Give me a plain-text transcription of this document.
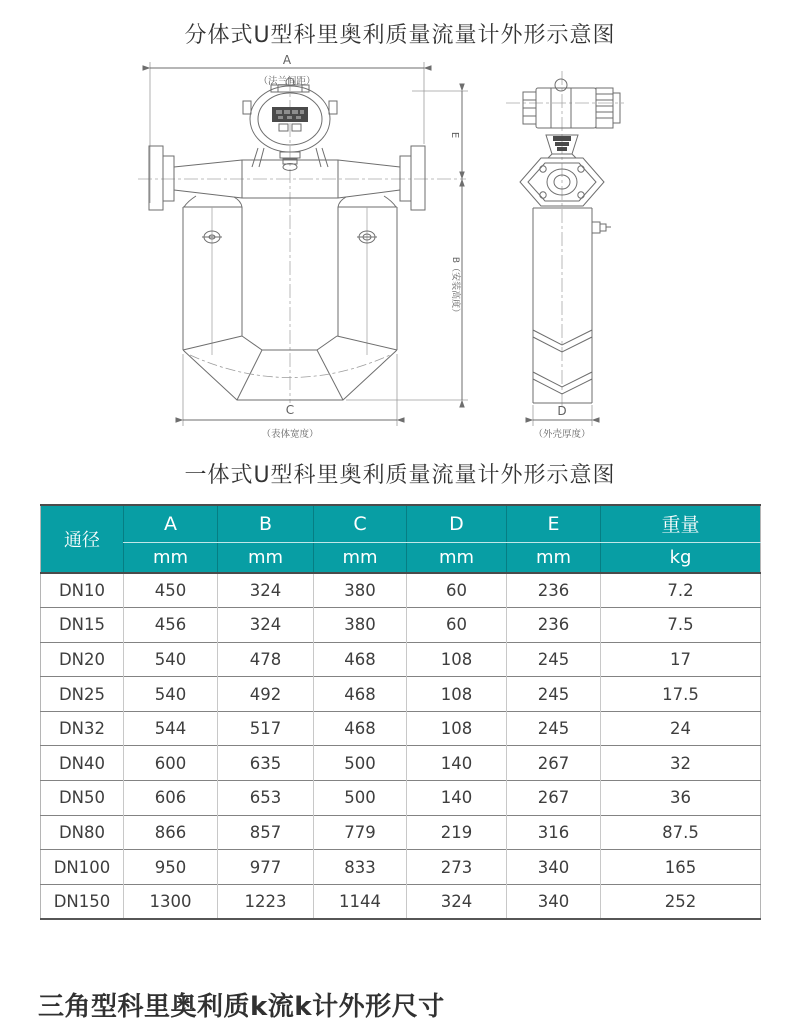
分体式U型科里奥利质量流量计外形示意图
A
（法兰间距）
C
（表体宽度）
E
B（安装高度）
D
（外壳厚度）
一体式U型科里奥利质量流量计外形示意图
通径	A	B	C	D	E	重量
	mm	mm	mm	mm	mm	kg
DN10	450	324	380	60	236	7.2
DN15	456	324	380	60	236	7.5
DN20	540	478	468	108	245	17
DN25	540	492	468	108	245	17.5
DN32	544	517	468	108	245	24
DN40	600	635	500	140	267	32
DN50	606	653	500	140	267	36
DN80	866	857	779	219	316	87.5
DN100	950	977	833	273	340	165
DN150	1300	1223	1144	324	340	252
三角型科里奥利质k流k计外形尺寸
